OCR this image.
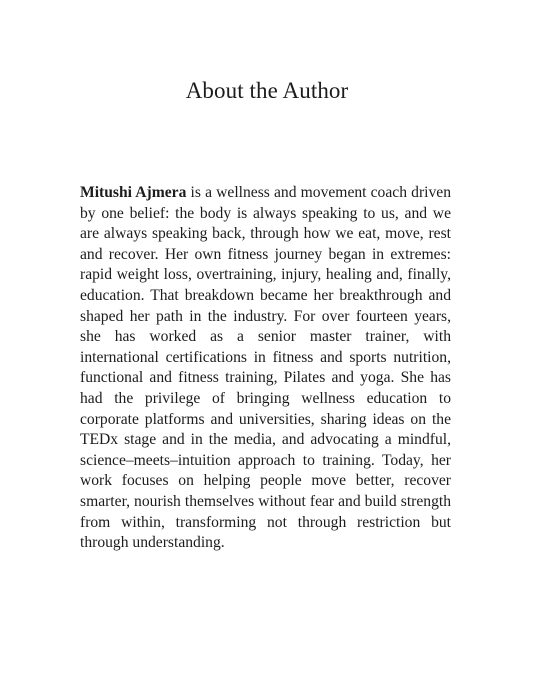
About the Author

Mitushi Ajmera is a wellness and movement coach driven by one belief: the body is always speaking to us, and we are always speaking back, through how we eat, move, rest and recover. Her own fitness journey began in extremes: rapid weight loss, overtraining, injury, healing and, finally, education. That breakdown became her breakthrough and shaped her path in the industry. For over fourteen years, she has worked as a senior master trainer, with international certifications in fitness and sports nutrition, functional and fitness training, Pilates and yoga. She has had the privilege of bringing wellness education to corporate platforms and universities, sharing ideas on the TEDx stage and in the media, and advocating a mindful, science–meets–intuition approach to training. Today, her work focuses on helping people move better, recover smarter, nourish themselves without fear and build strength from within, transforming not through restriction but through understanding.
